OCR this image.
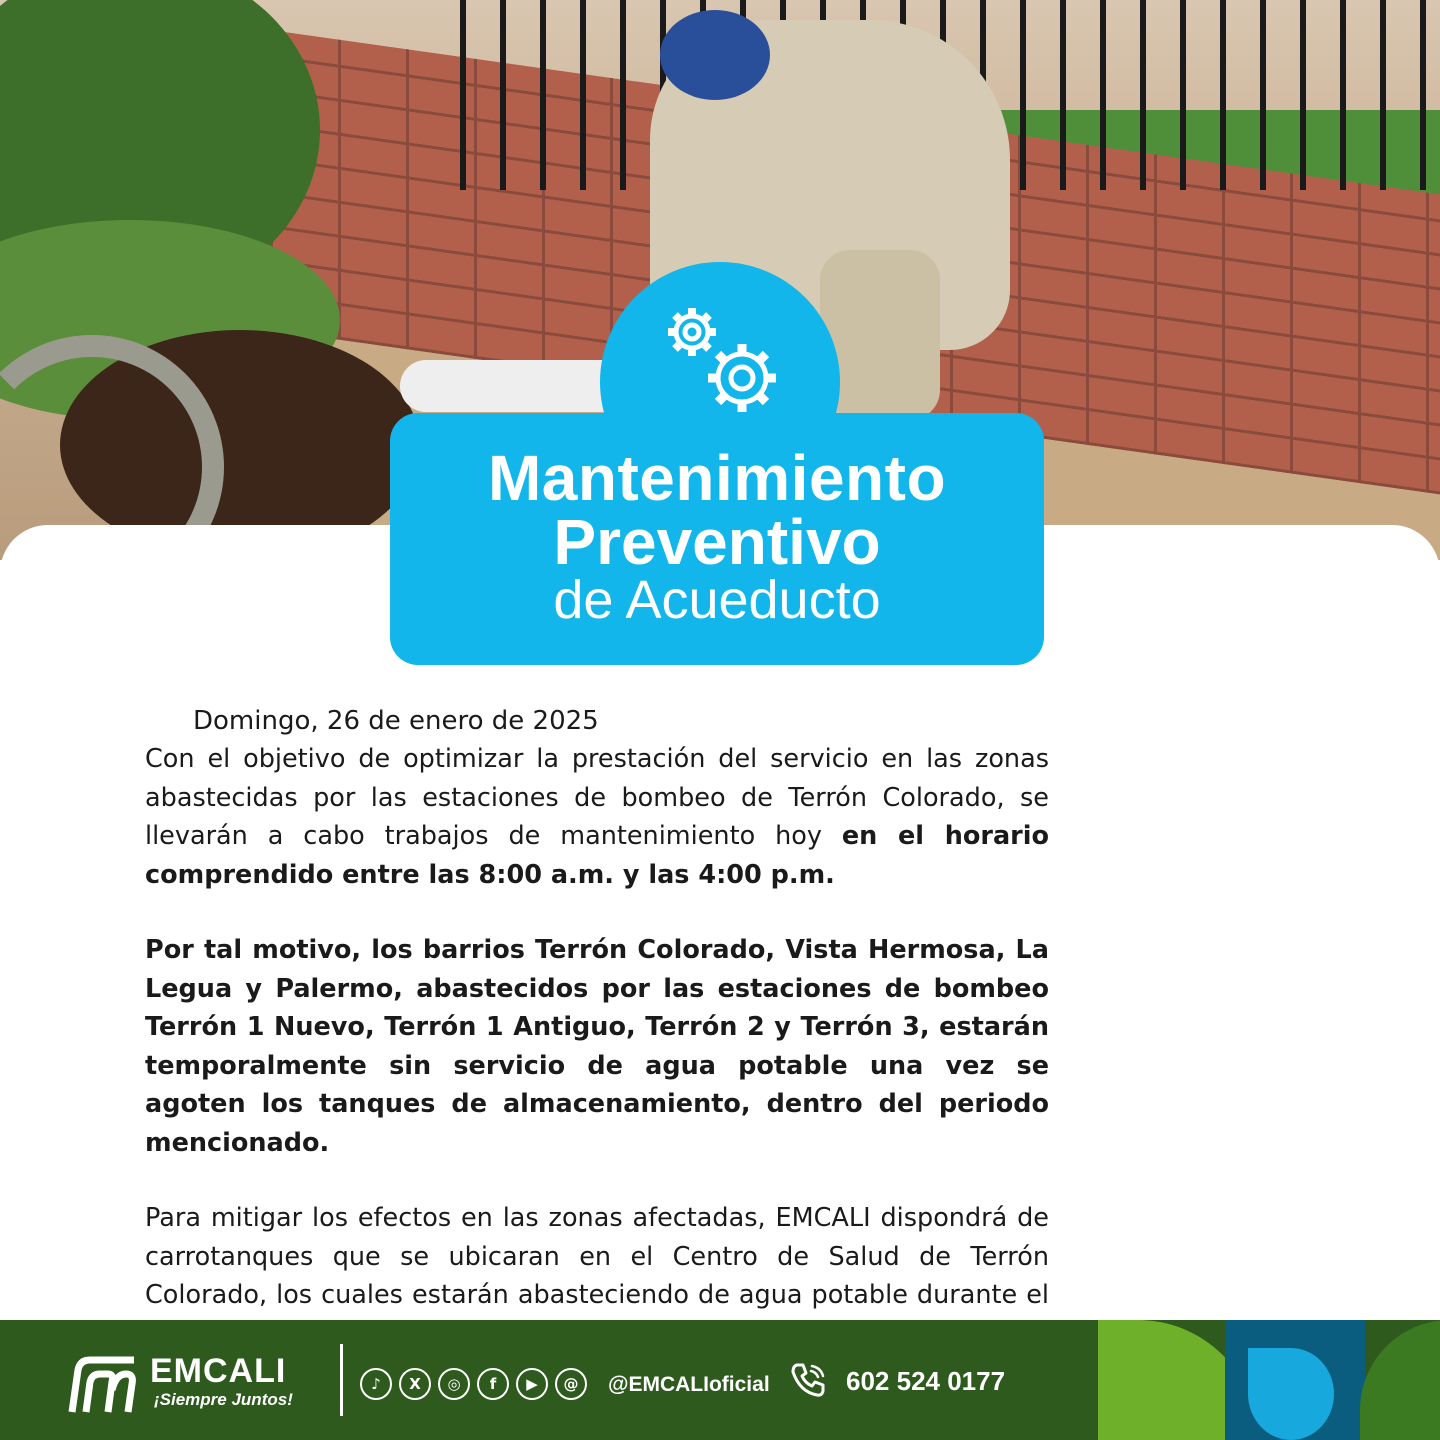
Mantenimiento

Preventivo

de Acueducto

Domingo, 26 de enero de 2025

Con el objetivo de optimizar la prestación del servicio en las zonas abastecidas por las estaciones de bombeo de Terrón Colorado, se llevarán a cabo trabajos de mantenimiento hoy en el horario comprendido entre las 8:00 a.m. y las 4:00 p.m.

Por tal motivo, los barrios Terrón Colorado, Vista Hermosa, La Legua y Palermo, abastecidos por las estaciones de bombeo Terrón 1 Nuevo, Terrón 1 Antiguo, Terrón 2 y Terrón 3, estarán temporalmente sin servicio de agua potable una vez se agoten los tanques de almacenamiento, dentro del periodo mencionado.

Para mitigar los efectos en las zonas afectadas, EMCALI dispondrá de carrotanques que se ubicaran en el Centro de Salud de Terrón Colorado, los cuales estarán abasteciendo de agua potable durante el

EMCALI
¡Siempre Juntos!
♪	X	◎	f	▶	@	@EMCALIoficial	602 524 0177
